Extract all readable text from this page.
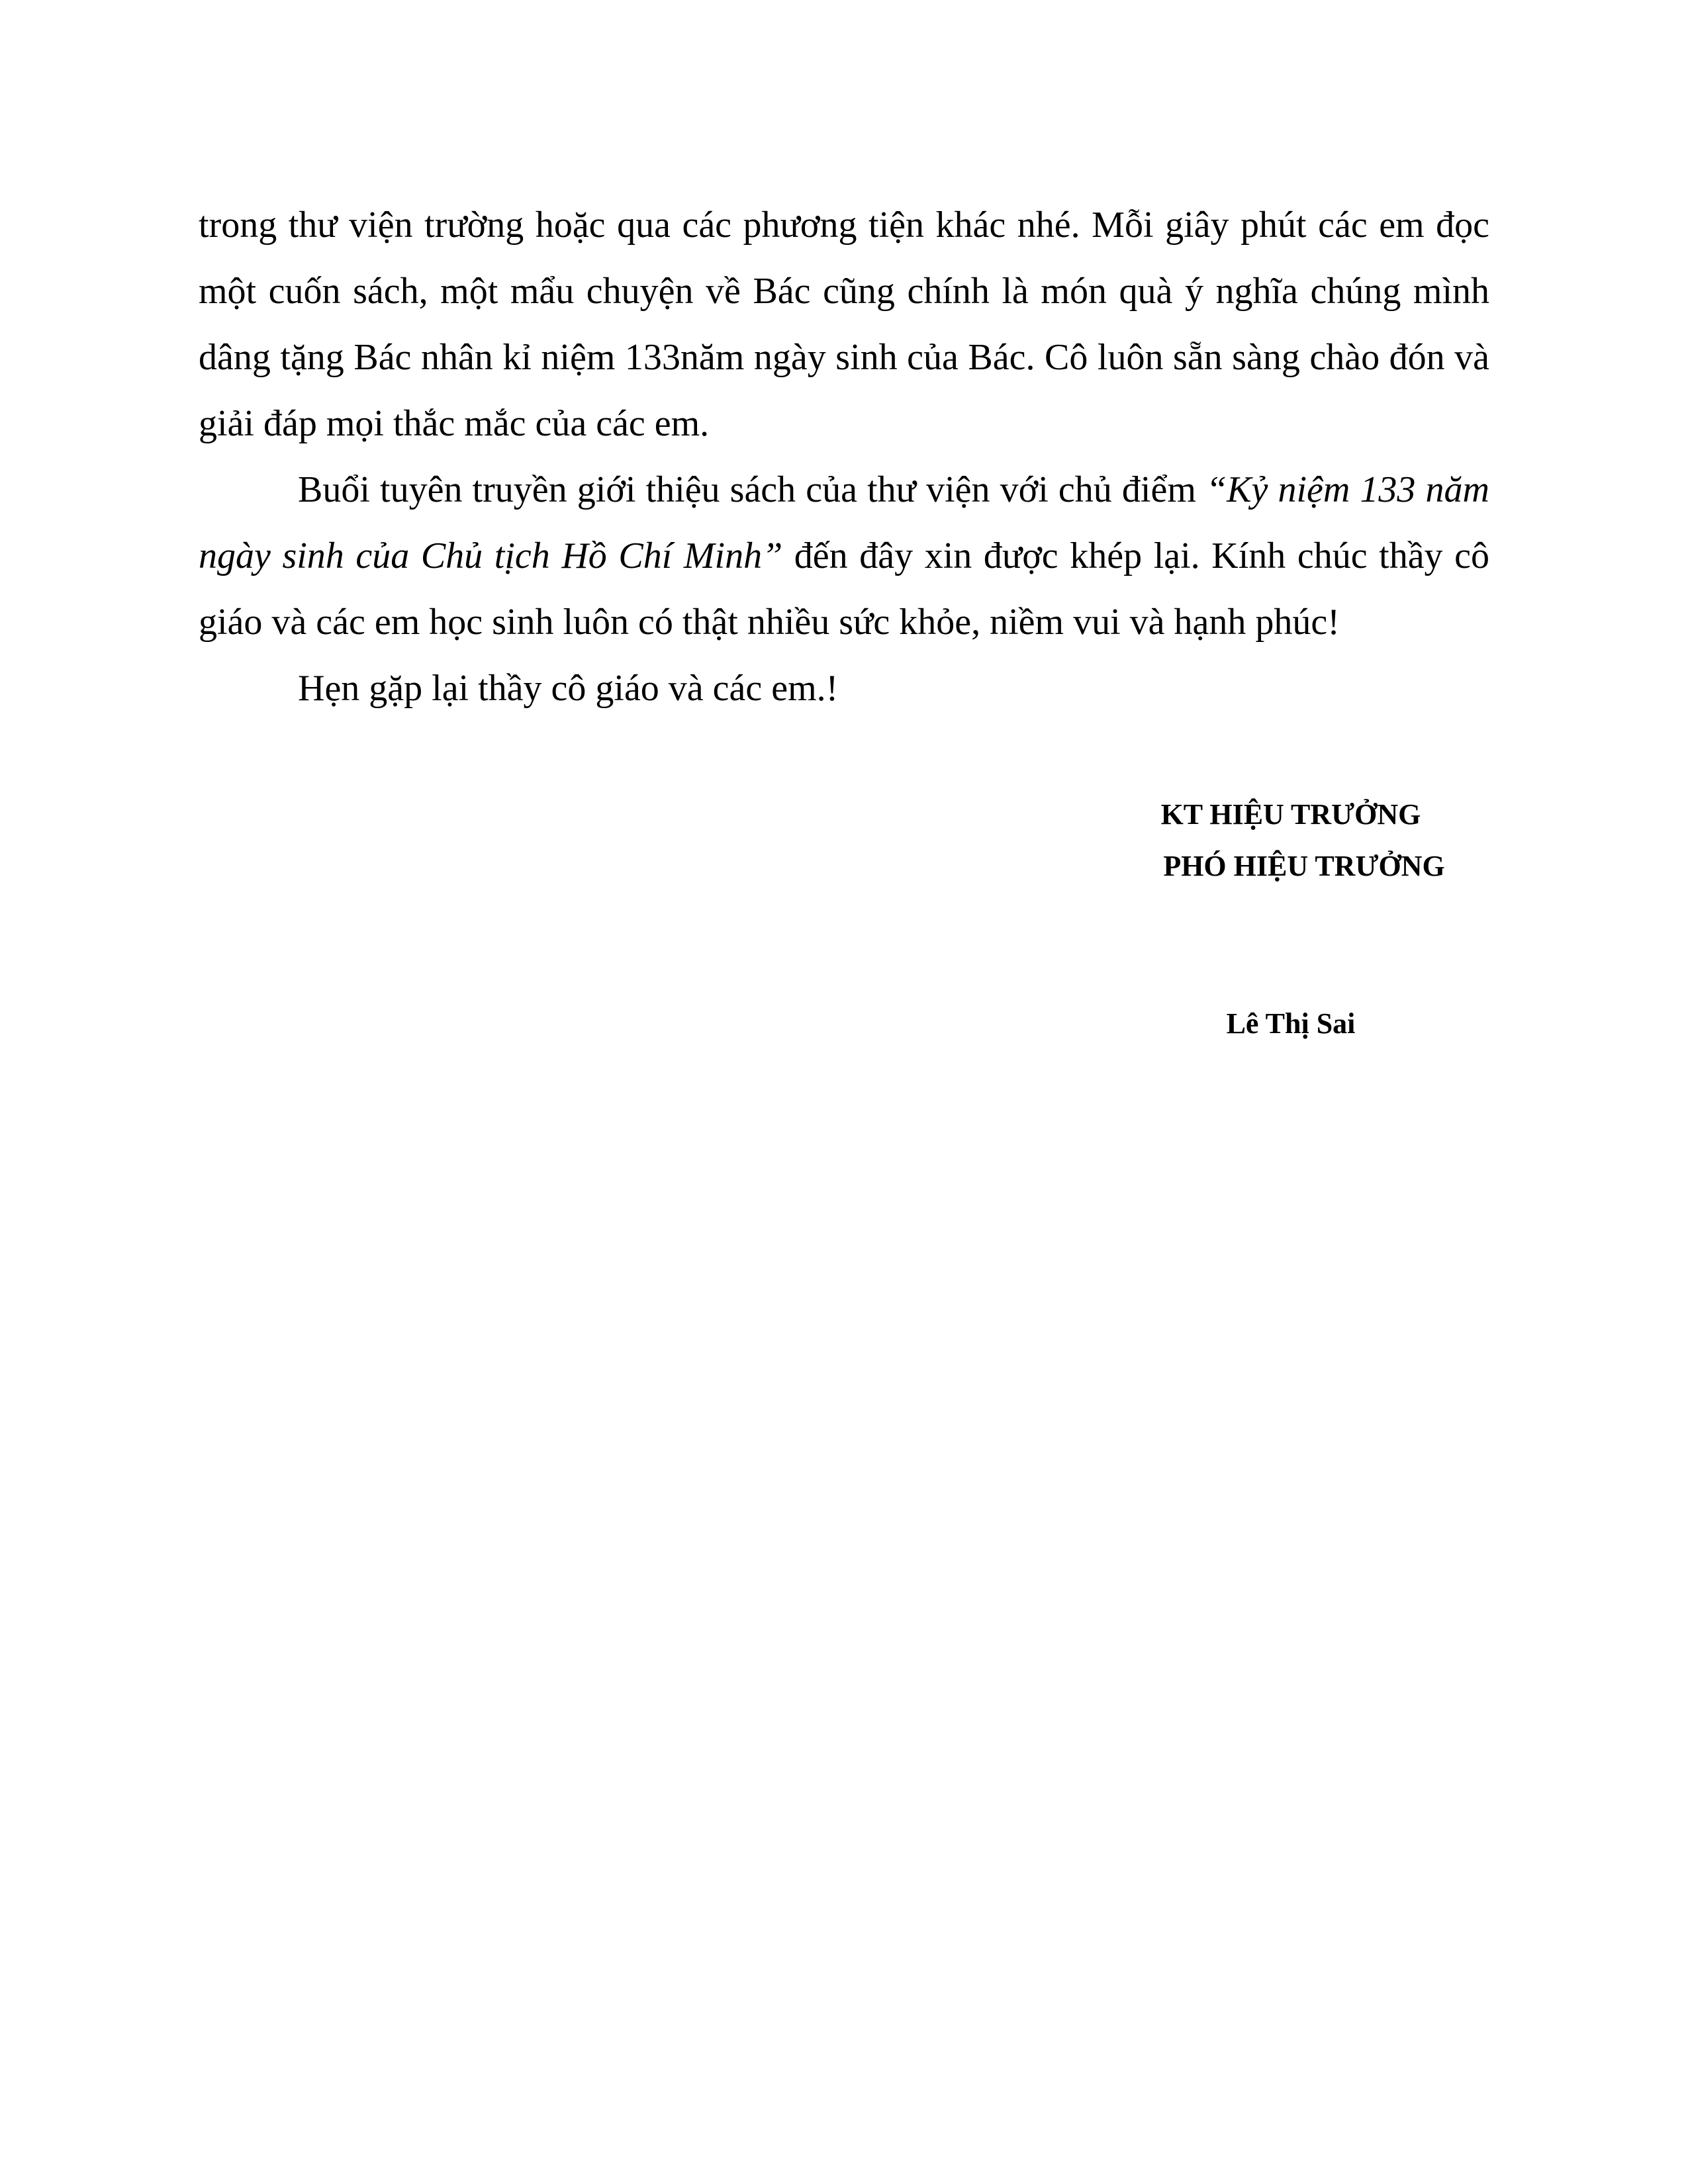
trong thư viện trường hoặc qua các phương tiện khác nhé. Mỗi giây phút các em đọc một cuốn sách, một mẩu chuyện về Bác cũng chính là món quà ý nghĩa chúng mình dâng tặng Bác nhân kỉ niệm 133năm ngày sinh của Bác. Cô luôn sẵn sàng chào đón và giải đáp mọi thắc mắc của các em.

Buổi tuyên truyền giới thiệu sách của thư viện với chủ điểm “Kỷ niệm 133 năm ngày sinh của Chủ tịch Hồ Chí Minh” đến đây xin được khép lại. Kính chúc thầy cô giáo và các em học sinh luôn có thật nhiều sức khỏe, niềm vui và hạnh phúc!

Hẹn gặp lại thầy cô giáo và các em.!

KT HIỆU TRƯỞNG
PHÓ HIỆU TRƯỞNG
Lê Thị Sai
